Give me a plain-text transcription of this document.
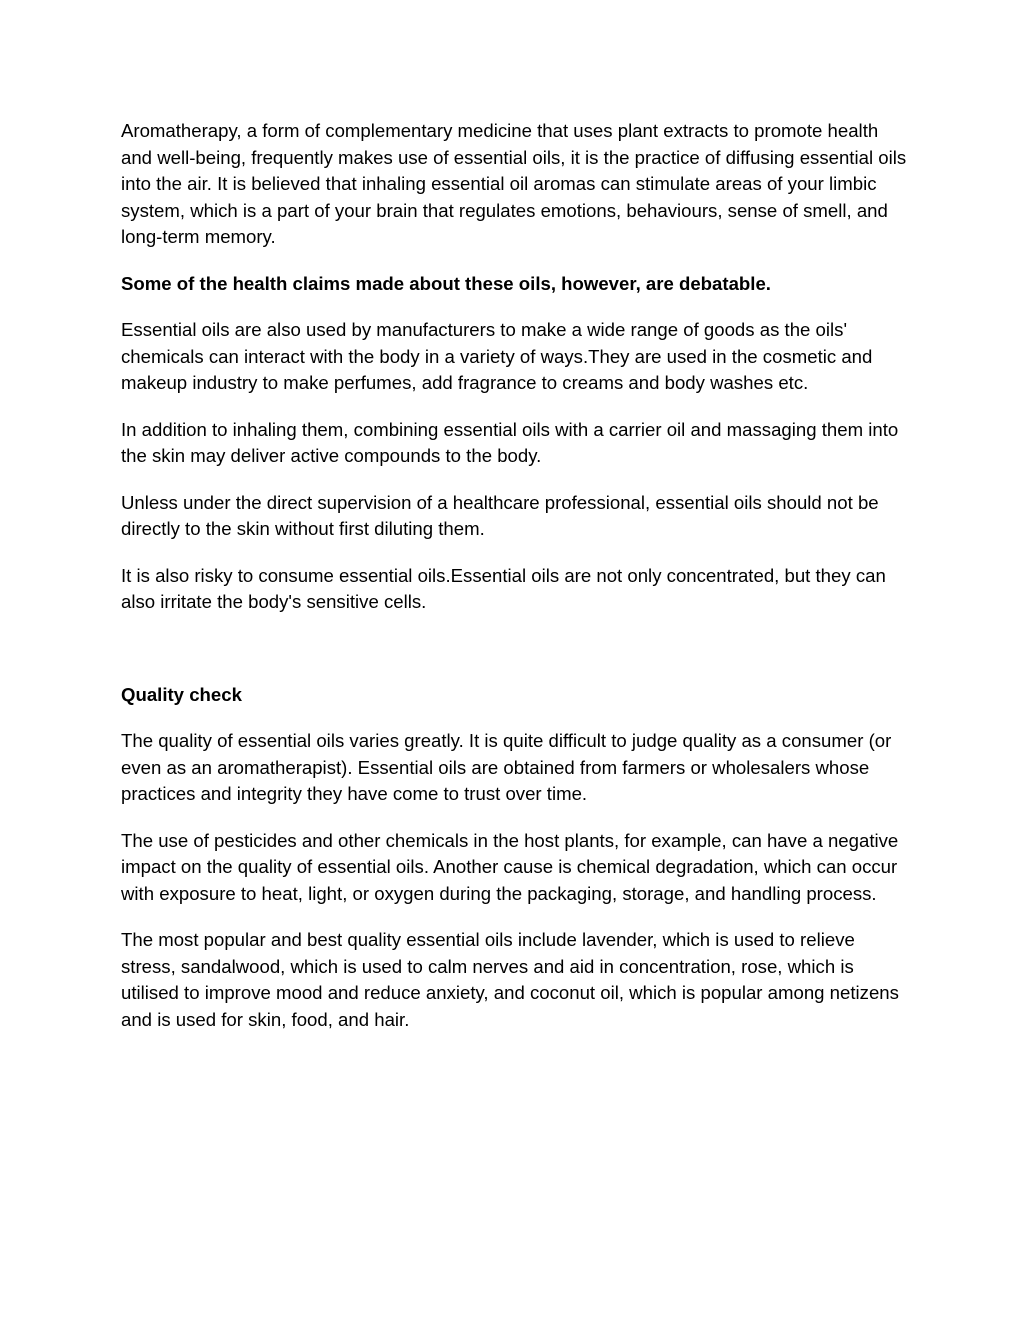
Aromatherapy, a form of complementary medicine that uses plant extracts to promote health and well-being, frequently makes use of essential oils, it is the practice of diffusing essential oils into the air. It is believed that inhaling essential oil aromas can stimulate areas of your limbic system, which is a part of your brain that regulates emotions, behaviours, sense of smell, and long-term memory.

Some of the health claims made about these oils, however, are debatable.

Essential oils are also used by manufacturers to make a wide range of goods as the oils' chemicals can interact with the body in a variety of ways.They are used in the cosmetic and makeup industry to make perfumes, add fragrance to creams and body washes etc.

In addition to inhaling them, combining essential oils with a carrier oil and massaging them into the skin may deliver active compounds to the body.

Unless under the direct supervision of a healthcare professional, essential oils should not be directly to the skin without first diluting them.

It is also risky to consume essential oils.Essential oils are not only concentrated, but they can also irritate the body's sensitive cells.

Quality check

The quality of essential oils varies greatly. It is quite difficult to judge quality as a consumer (or even as an aromatherapist). Essential oils are obtained from farmers or wholesalers whose practices and integrity they have come to trust over time.

The use of pesticides and other chemicals in the host plants, for example, can have a negative impact on the quality of essential oils. Another cause is chemical degradation, which can occur with exposure to heat, light, or oxygen during the packaging, storage, and handling process.

The most popular and best quality essential oils include lavender, which is used to relieve stress, sandalwood, which is used to calm nerves and aid in concentration, rose, which is utilised to improve mood and reduce anxiety, and coconut oil, which is popular among netizens and is used for skin, food, and hair.
